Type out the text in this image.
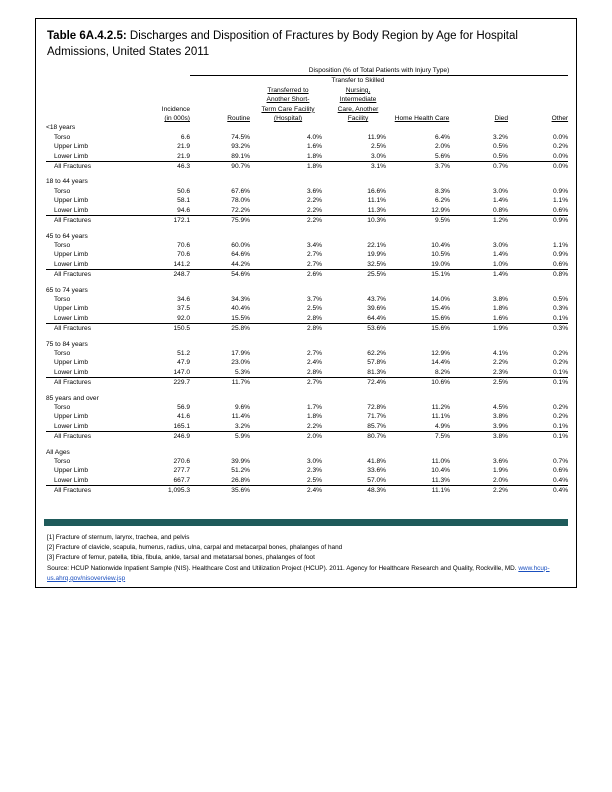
Table 6A.4.2.5: Discharges and Disposition of Fractures by Body Region by Age for Hospital Admissions, United States 2011
		Disposition (% of Total Patients with Injury Type)					
				Transfer to Skilled			
			Transferred to	Nursing,			
			Another Short-	Intermediate			
	Incidence		Term Care Facility	Care, Another			
	(in 000s)	Routine	(Hospital)	Facility	Home Health Care	Died	Other
<18 years							
Torso	6.6	74.5%	4.0%	11.9%	6.4%	3.2%	0.0%
Upper Limb	21.9	93.2%	1.6%	2.5%	2.0%	0.5%	0.2%
Lower Limb	21.9	89.1%	1.8%	3.0%	5.6%	0.5%	0.0%
All Fractures	46.3	90.7%	1.8%	3.1%	3.7%	0.7%	0.0%

18 to 44 years							
Torso	50.6	67.6%	3.6%	16.6%	8.3%	3.0%	0.9%
Upper Limb	58.1	78.0%	2.2%	11.1%	6.2%	1.4%	1.1%
Lower Limb	94.6	72.2%	2.2%	11.3%	12.9%	0.8%	0.6%
All Fractures	172.1	75.9%	2.2%	10.3%	9.5%	1.2%	0.9%

45 to 64 years							
Torso	70.6	60.0%	3.4%	22.1%	10.4%	3.0%	1.1%
Upper Limb	70.6	64.6%	2.7%	19.9%	10.5%	1.4%	0.9%
Lower Limb	141.2	44.2%	2.7%	32.5%	19.0%	1.0%	0.6%
All Fractures	248.7	54.6%	2.6%	25.5%	15.1%	1.4%	0.8%

65 to 74 years							
Torso	34.6	34.3%	3.7%	43.7%	14.0%	3.8%	0.5%
Upper Limb	37.5	40.4%	2.5%	39.6%	15.4%	1.8%	0.3%
Lower Limb	92.0	15.5%	2.8%	64.4%	15.6%	1.6%	0.1%
All Fractures	150.5	25.8%	2.8%	53.6%	15.6%	1.9%	0.3%

75 to 84 years							
Torso	51.2	17.9%	2.7%	62.2%	12.9%	4.1%	0.2%
Upper Limb	47.9	23.0%	2.4%	57.8%	14.4%	2.2%	0.2%
Lower Limb	147.0	5.3%	2.8%	81.3%	8.2%	2.3%	0.1%
All Fractures	229.7	11.7%	2.7%	72.4%	10.6%	2.5%	0.1%

85 years and over							
Torso	56.9	9.6%	1.7%	72.8%	11.2%	4.5%	0.2%
Upper Limb	41.6	11.4%	1.8%	71.7%	11.1%	3.8%	0.2%
Lower Limb	165.1	3.2%	2.2%	85.7%	4.9%	3.9%	0.1%
All Fractures	246.9	5.9%	2.0%	80.7%	7.5%	3.8%	0.1%

All Ages							
Torso	270.6	39.9%	3.0%	41.8%	11.0%	3.6%	0.7%
Upper Limb	277.7	51.2%	2.3%	33.6%	10.4%	1.9%	0.6%
Lower Limb	667.7	26.8%	2.5%	57.0%	11.3%	2.0%	0.4%
All Fractures	1,095.3	35.6%	2.4%	48.3%	11.1%	2.2%	0.4%
[1] Fracture of sternum, larynx, trachea, and pelvis
[2] Fracture of clavicle, scapula, humerus, radius, ulna, carpal and metacarpal bones, phalanges of hand
[3] Fracture of femur, patella, tibia, fibula, ankle, tarsal and metatarsal bones, phalanges of foot
Source: HCUP Nationwide Inpatient Sample (NIS). Healthcare Cost and Utilization Project (HCUP). 2011. Agency for Healthcare Research and Quality, Rockville, MD. www.hcup-us.ahrq.gov/nisoverview.jsp
